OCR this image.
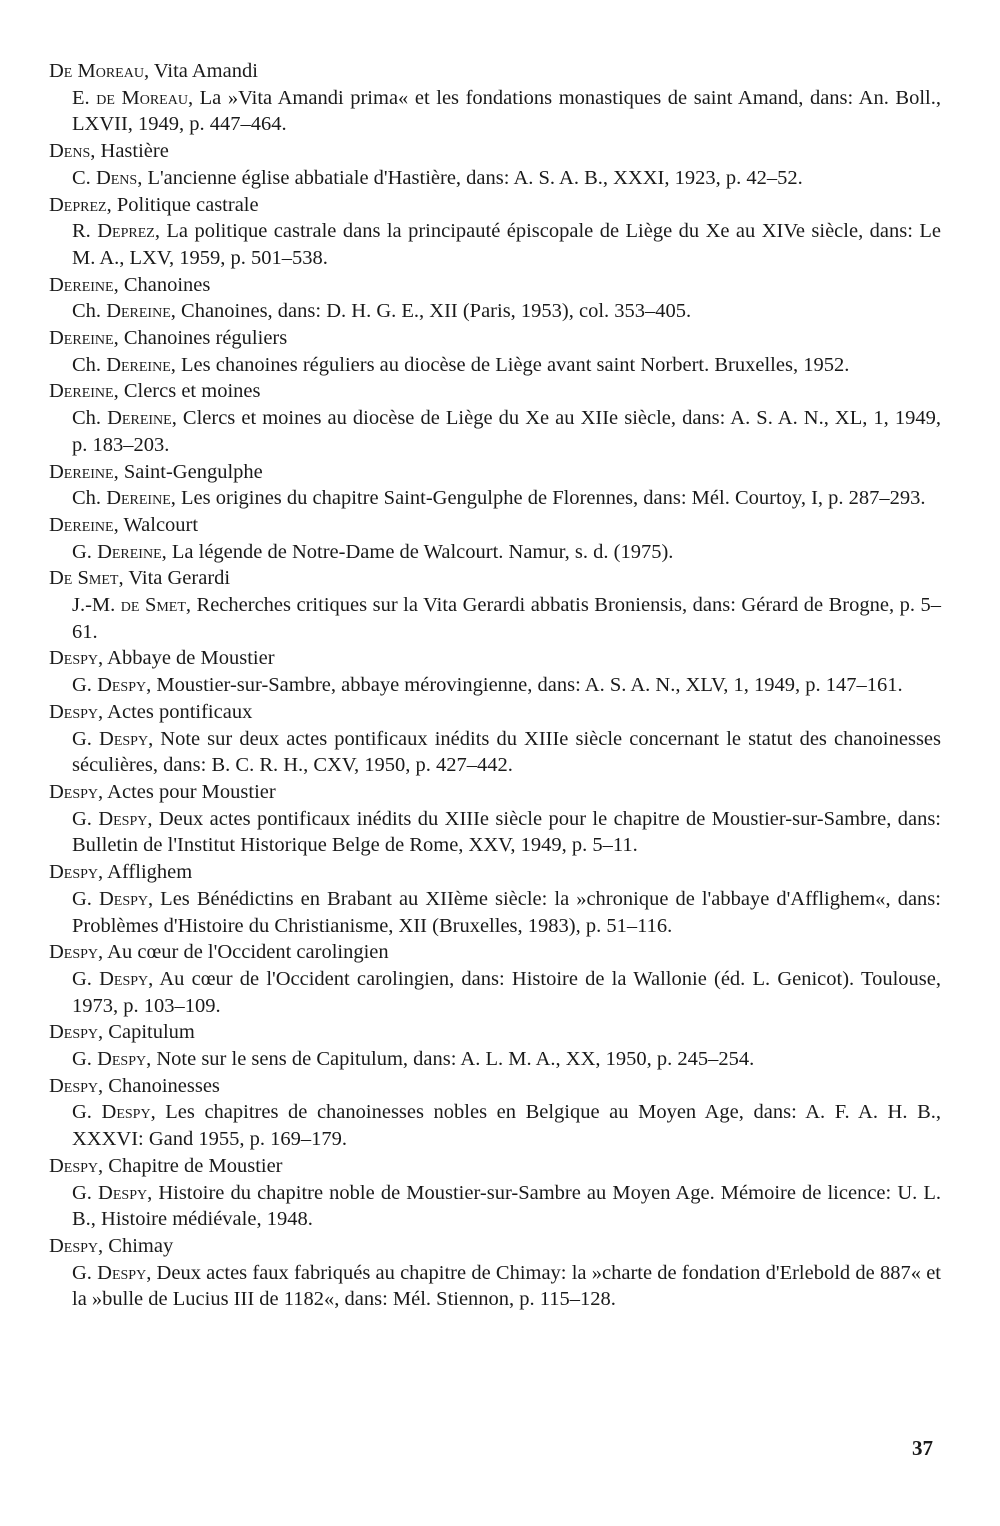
De Moreau, Vita Amandi
E. de Moreau, La »Vita Amandi prima« et les fondations monastiques de saint Amand, dans: An. Boll., LXVII, 1949, p. 447–464.
Dens, Hastière
C. Dens, L'ancienne église abbatiale d'Hastière, dans: A. S. A. B., XXXI, 1923, p. 42–52.
Deprez, Politique castrale
R. Deprez, La politique castrale dans la principauté épiscopale de Liège du Xe au XIVe siècle, dans: Le M. A., LXV, 1959, p. 501–538.
Dereine, Chanoines
Ch. Dereine, Chanoines, dans: D. H. G. E., XII (Paris, 1953), col. 353–405.
Dereine, Chanoines réguliers
Ch. Dereine, Les chanoines réguliers au diocèse de Liège avant saint Norbert. Bruxelles, 1952.
Dereine, Clercs et moines
Ch. Dereine, Clercs et moines au diocèse de Liège du Xe au XIIe siècle, dans: A. S. A. N., XL, 1, 1949, p. 183–203.
Dereine, Saint-Gengulphe
Ch. Dereine, Les origines du chapitre Saint-Gengulphe de Florennes, dans: Mél. Courtoy, I, p. 287–293.
Dereine, Walcourt
G. Dereine, La légende de Notre-Dame de Walcourt. Namur, s. d. (1975).
De Smet, Vita Gerardi
J.-M. de Smet, Recherches critiques sur la Vita Gerardi abbatis Broniensis, dans: Gérard de Brogne, p. 5–61.
Despy, Abbaye de Moustier
G. Despy, Moustier-sur-Sambre, abbaye mérovingienne, dans: A. S. A. N., XLV, 1, 1949, p. 147–161.
Despy, Actes pontificaux
G. Despy, Note sur deux actes pontificaux inédits du XIIIe siècle concernant le statut des chanoinesses séculières, dans: B. C. R. H., CXV, 1950, p. 427–442.
Despy, Actes pour Moustier
G. Despy, Deux actes pontificaux inédits du XIIIe siècle pour le chapitre de Moustier-sur-Sambre, dans: Bulletin de l'Institut Historique Belge de Rome, XXV, 1949, p. 5–11.
Despy, Afflighem
G. Despy, Les Bénédictins en Brabant au XIIème siècle: la »chronique de l'abbaye d'Afflighem«, dans: Problèmes d'Histoire du Christianisme, XII (Bruxelles, 1983), p. 51–116.
Despy, Au cœur de l'Occident carolingien
G. Despy, Au cœur de l'Occident carolingien, dans: Histoire de la Wallonie (éd. L. Genicot). Toulouse, 1973, p. 103–109.
Despy, Capitulum
G. Despy, Note sur le sens de Capitulum, dans: A. L. M. A., XX, 1950, p. 245–254.
Despy, Chanoinesses
G. Despy, Les chapitres de chanoinesses nobles en Belgique au Moyen Age, dans: A. F. A. H. B., XXXVI: Gand 1955, p. 169–179.
Despy, Chapitre de Moustier
G. Despy, Histoire du chapitre noble de Moustier-sur-Sambre au Moyen Age. Mémoire de licence: U. L. B., Histoire médiévale, 1948.
Despy, Chimay
G. Despy, Deux actes faux fabriqués au chapitre de Chimay: la »charte de fondation d'Erlebold de 887« et la »bulle de Lucius III de 1182«, dans: Mél. Stiennon, p. 115–128.
37
